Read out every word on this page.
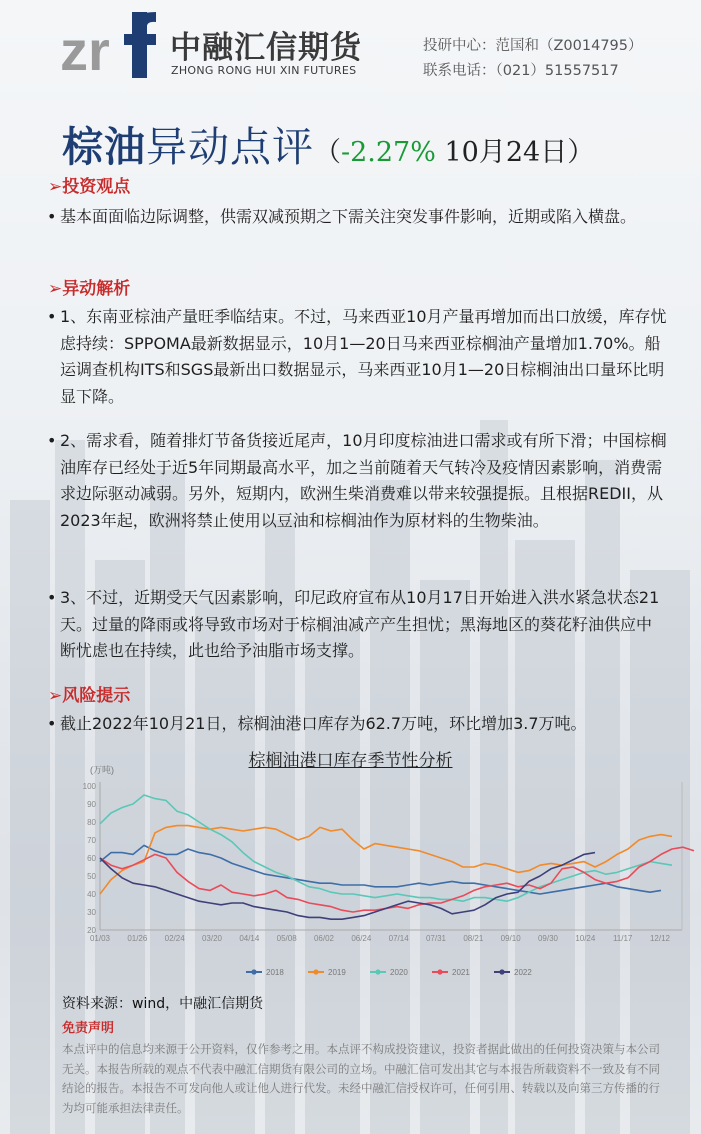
zr 中融汇信期货
ZHONG RONG HUI XIN FUTURES
投研中心：范国和（Z0014795）
联系电话：（021）51557517
棕油异动点评（-2.27% 10月24日）
➢投资观点
• 基本面面临边际调整，供需双减预期之下需关注突发事件影响，近期或陷入横盘。
➢异动解析
• 1、东南亚棕油产量旺季临结束。不过，马来西亚10月产量再增加而出口放缓，库存忧虑持续：SPPOMA最新数据显示，10月1—20日马来西亚棕榈油产量增加1.70%。船运调查机构ITS和SGS最新出口数据显示，马来西亚10月1—20日棕榈油出口量环比明显下降。
• 2、需求看，随着排灯节备货接近尾声，10月印度棕油进口需求或有所下滑；中国棕榈油库存已经处于近5年同期最高水平，加之当前随着天气转冷及疫情因素影响，消费需求边际驱动减弱。另外，短期内，欧洲生柴消费难以带来较强提振。且根据REDII，从2023年起，欧洲将禁止使用以豆油和棕榈油作为原材料的生物柴油。
• 3、不过，近期受天气因素影响，印尼政府宣布从10月17日开始进入洪水紧急状态21天。过量的降雨或将导致市场对于棕榈油减产产生担忧；黑海地区的葵花籽油供应中断忧虑也在持续，此也给予油脂市场支撑。
➢风险提示
• 截止2022年10月21日，棕榈油港口库存为62.7万吨，环比增加3.7万吨。
棕榈油港口库存季节性分析
(万吨)
20
30
40
50
60
70
80
90
100
01/03 01/26 02/24 03/20 04/14 05/08 06/02 06/24 07/14 07/31 08/21 09/10 09/30 10/24 11/17 12/12
2018	2019	2020	2021	2022
资料来源：wind，中融汇信期货
免责声明
本点评中的信息均来源于公开资料，仅作参考之用。本点评不构成投资建议，投资者据此做出的任何投资决策与本公司无关。本报告所载的观点不代表中融汇信期货有限公司的立场。中融汇信可发出其它与本报告所载资料不一致及有不同结论的报告。本报告不可发向他人或让他人进行代发。未经中融汇信授权许可，任何引用、转载以及向第三方传播的行为均可能承担法律责任。
